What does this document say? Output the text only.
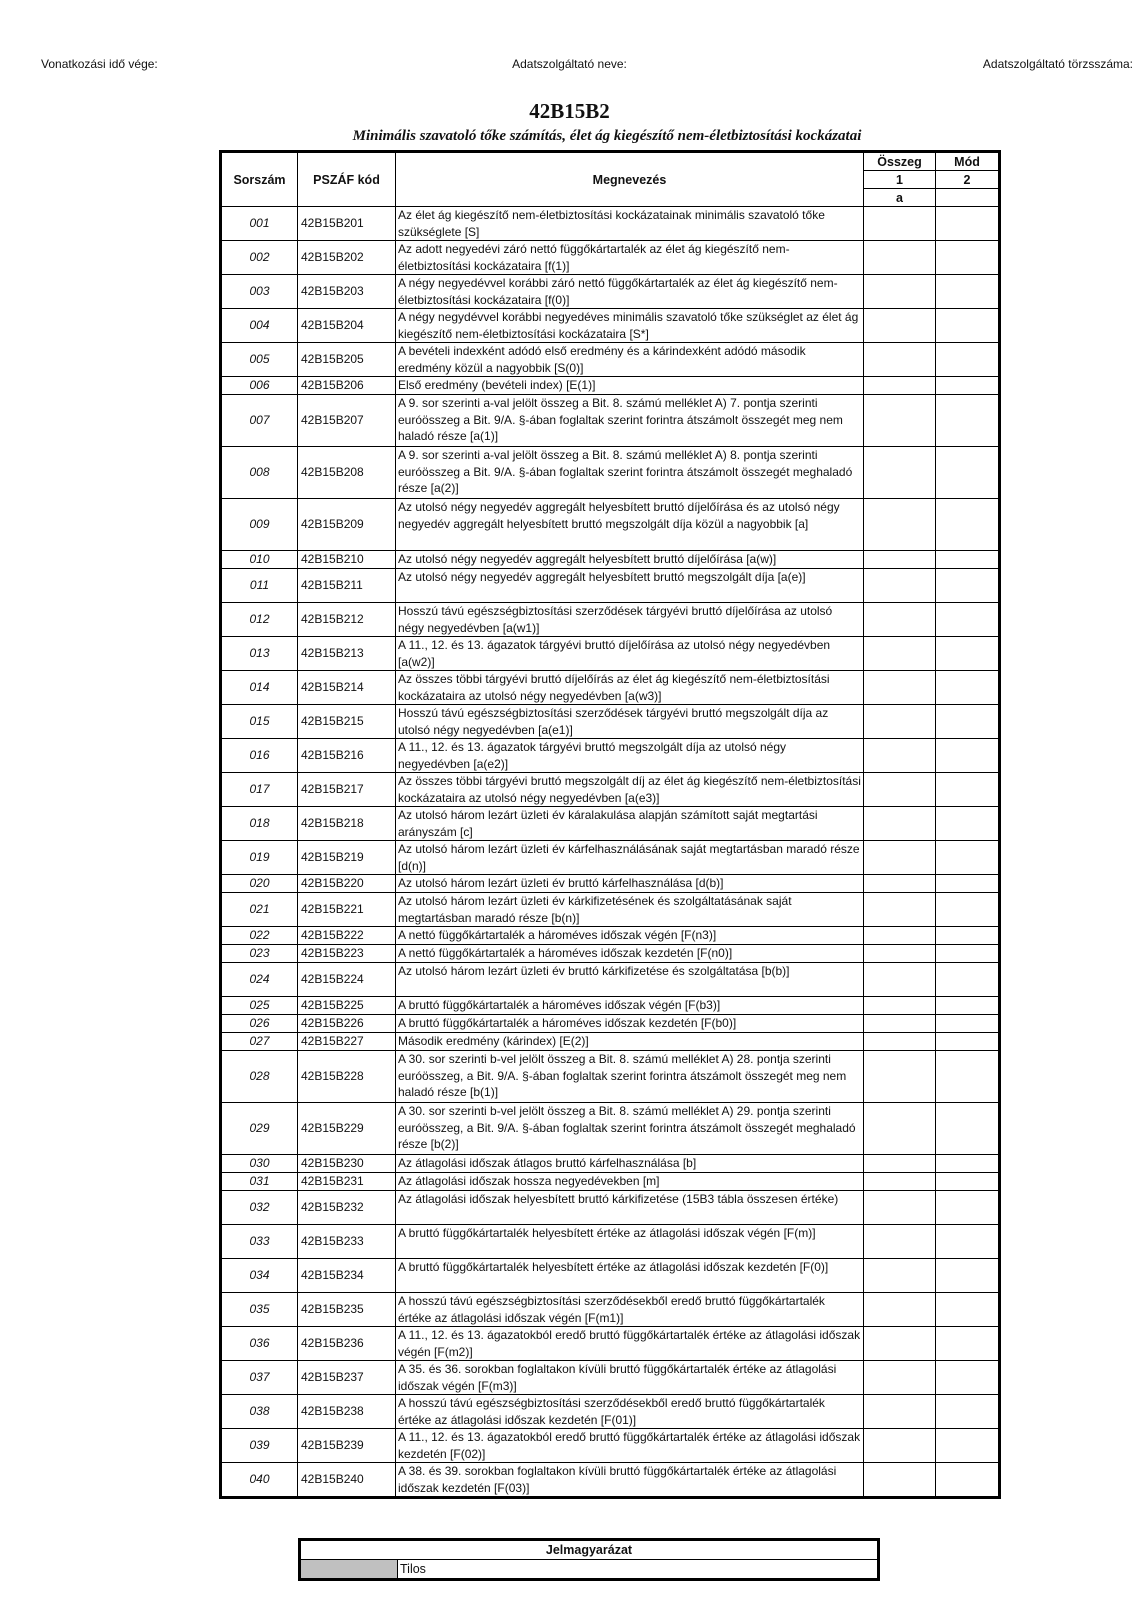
Vonatkozási idő vége:	Adatszolgáltató neve:	Adatszolgáltató törzsszáma:
42B15B2
Minimális szavatoló tőke számítás, élet ág kiegészítő nem-életbiztosítási kockázatai
Sorszám	PSZÁF kód	Megnevezés	Összeg	Mód
			1	2
			a	
001	42B15B201	Az élet ág kiegészítő nem-életbiztosítási kockázatainak minimális szavatoló tőke szükséglete [S]		
002	42B15B202	Az adott negyedévi záró nettó függőkártartalék az élet ág kiegészítő nem-életbiztosítási kockázataira [f(1)]		
003	42B15B203	A négy negyedévvel korábbi záró nettó függőkártartalék az élet ág kiegészítő nem-életbiztosítási kockázataira [f(0)]		
004	42B15B204	A négy negydévvel korábbi negyedéves minimális szavatoló tőke szükséglet az élet ág kiegészítő nem-életbiztosítási kockázataira [S*]		
005	42B15B205	A bevételi indexként adódó első eredmény és a kárindexként adódó második eredmény közül a nagyobbik [S(0)]		
006	42B15B206	Első eredmény (bevételi index) [E(1)]		
007	42B15B207	A 9. sor szerinti a-val jelölt összeg a Bit. 8. számú melléklet A) 7. pontja szerinti euróösszeg a Bit. 9/A. §-ában foglaltak szerint forintra átszámolt összegét meg nem haladó része [a(1)]		
008	42B15B208	A 9. sor szerinti a-val jelölt összeg a Bit. 8. számú melléklet A) 8. pontja szerinti euróösszeg a Bit. 9/A. §-ában foglaltak szerint forintra átszámolt összegét meghaladó része [a(2)]		
009	42B15B209	Az utolsó négy negyedév aggregált helyesbített bruttó díjelőírása és az utolsó négy negyedév aggregált helyesbített bruttó megszolgált díja közül a nagyobbik [a]		
010	42B15B210	Az utolsó négy negyedév aggregált helyesbített bruttó díjelőírása [a(w)]		
011	42B15B211	Az utolsó négy negyedév aggregált helyesbített bruttó megszolgált díja [a(e)]		
012	42B15B212	Hosszú távú egészségbiztosítási szerződések tárgyévi bruttó díjelőírása az utolsó négy negyedévben [a(w1)]		
013	42B15B213	A 11., 12. és 13. ágazatok tárgyévi bruttó díjelőírása az utolsó négy negyedévben [a(w2)]		
014	42B15B214	Az összes többi tárgyévi bruttó díjelőírás az élet ág kiegészítő nem-életbiztosítási kockázataira az utolsó négy negyedévben [a(w3)]		
015	42B15B215	Hosszú távú egészségbiztosítási szerződések tárgyévi bruttó megszolgált díja az utolsó négy negyedévben [a(e1)]		
016	42B15B216	A 11., 12. és 13. ágazatok tárgyévi bruttó megszolgált díja az utolsó négy negyedévben [a(e2)]		
017	42B15B217	Az összes többi tárgyévi bruttó megszolgált díj az élet ág kiegészítő nem-életbiztosítási kockázataira az utolsó négy negyedévben [a(e3)]		
018	42B15B218	Az utolsó három lezárt üzleti év káralakulása alapján számított saját megtartási arányszám [c]		
019	42B15B219	Az utolsó három lezárt üzleti év kárfelhasználásának saját megtartásban maradó része [d(n)]		
020	42B15B220	Az utolsó három lezárt üzleti év bruttó kárfelhasználása [d(b)]		
021	42B15B221	Az utolsó három lezárt üzleti év kárkifizetésének és szolgáltatásának saját megtartásban maradó része [b(n)]		
022	42B15B222	A nettó függőkártartalék a hároméves időszak végén [F(n3)]		
023	42B15B223	A nettó függőkártartalék a hároméves időszak kezdetén [F(n0)]		
024	42B15B224	Az utolsó három lezárt üzleti év bruttó kárkifizetése és szolgáltatása [b(b)]		
025	42B15B225	A bruttó függőkártartalék a hároméves időszak végén [F(b3)]		
026	42B15B226	A bruttó függőkártartalék a hároméves időszak kezdetén [F(b0)]		
027	42B15B227	Második eredmény (kárindex) [E(2)]		
028	42B15B228	A 30. sor szerinti b-vel jelölt összeg a Bit. 8. számú melléklet A) 28. pontja szerinti euróösszeg, a Bit. 9/A. §-ában foglaltak szerint forintra átszámolt összegét meg nem haladó része [b(1)]		
029	42B15B229	A 30. sor szerinti b-vel jelölt összeg a Bit. 8. számú melléklet A) 29. pontja szerinti euróösszeg, a Bit. 9/A. §-ában foglaltak szerint forintra átszámolt összegét meghaladó része [b(2)]		
030	42B15B230	Az átlagolási időszak átlagos bruttó kárfelhasználása [b]		
031	42B15B231	Az átlagolási időszak hossza negyedévekben [m]		
032	42B15B232	Az átlagolási időszak helyesbített bruttó kárkifizetése (15B3 tábla összesen értéke)		
033	42B15B233	A bruttó függőkártartalék helyesbített értéke az átlagolási időszak végén [F(m)]		
034	42B15B234	A bruttó függőkártartalék helyesbített értéke az átlagolási időszak kezdetén [F(0)]		
035	42B15B235	A hosszú távú egészségbiztosítási szerződésekből eredő bruttó függőkártartalék értéke az átlagolási időszak végén [F(m1)]		
036	42B15B236	A 11., 12. és 13. ágazatokból eredő bruttó függőkártartalék értéke az átlagolási időszak végén [F(m2)]		
037	42B15B237	A 35. és 36. sorokban foglaltakon kívüli bruttó függőkártartalék értéke az átlagolási időszak végén [F(m3)]		
038	42B15B238	A hosszú távú egészségbiztosítási szerződésekből eredő bruttó függőkártartalék értéke az átlagolási időszak kezdetén [F(01)]		
039	42B15B239	A 11., 12. és 13. ágazatokból eredő bruttó függőkártartalék értéke az átlagolási időszak kezdetén [F(02)]		
040	42B15B240	A 38. és 39. sorokban foglaltakon kívüli bruttó függőkártartalék értéke az átlagolási időszak kezdetén [F(03)]		
Jelmagyarázat
	Tilos
